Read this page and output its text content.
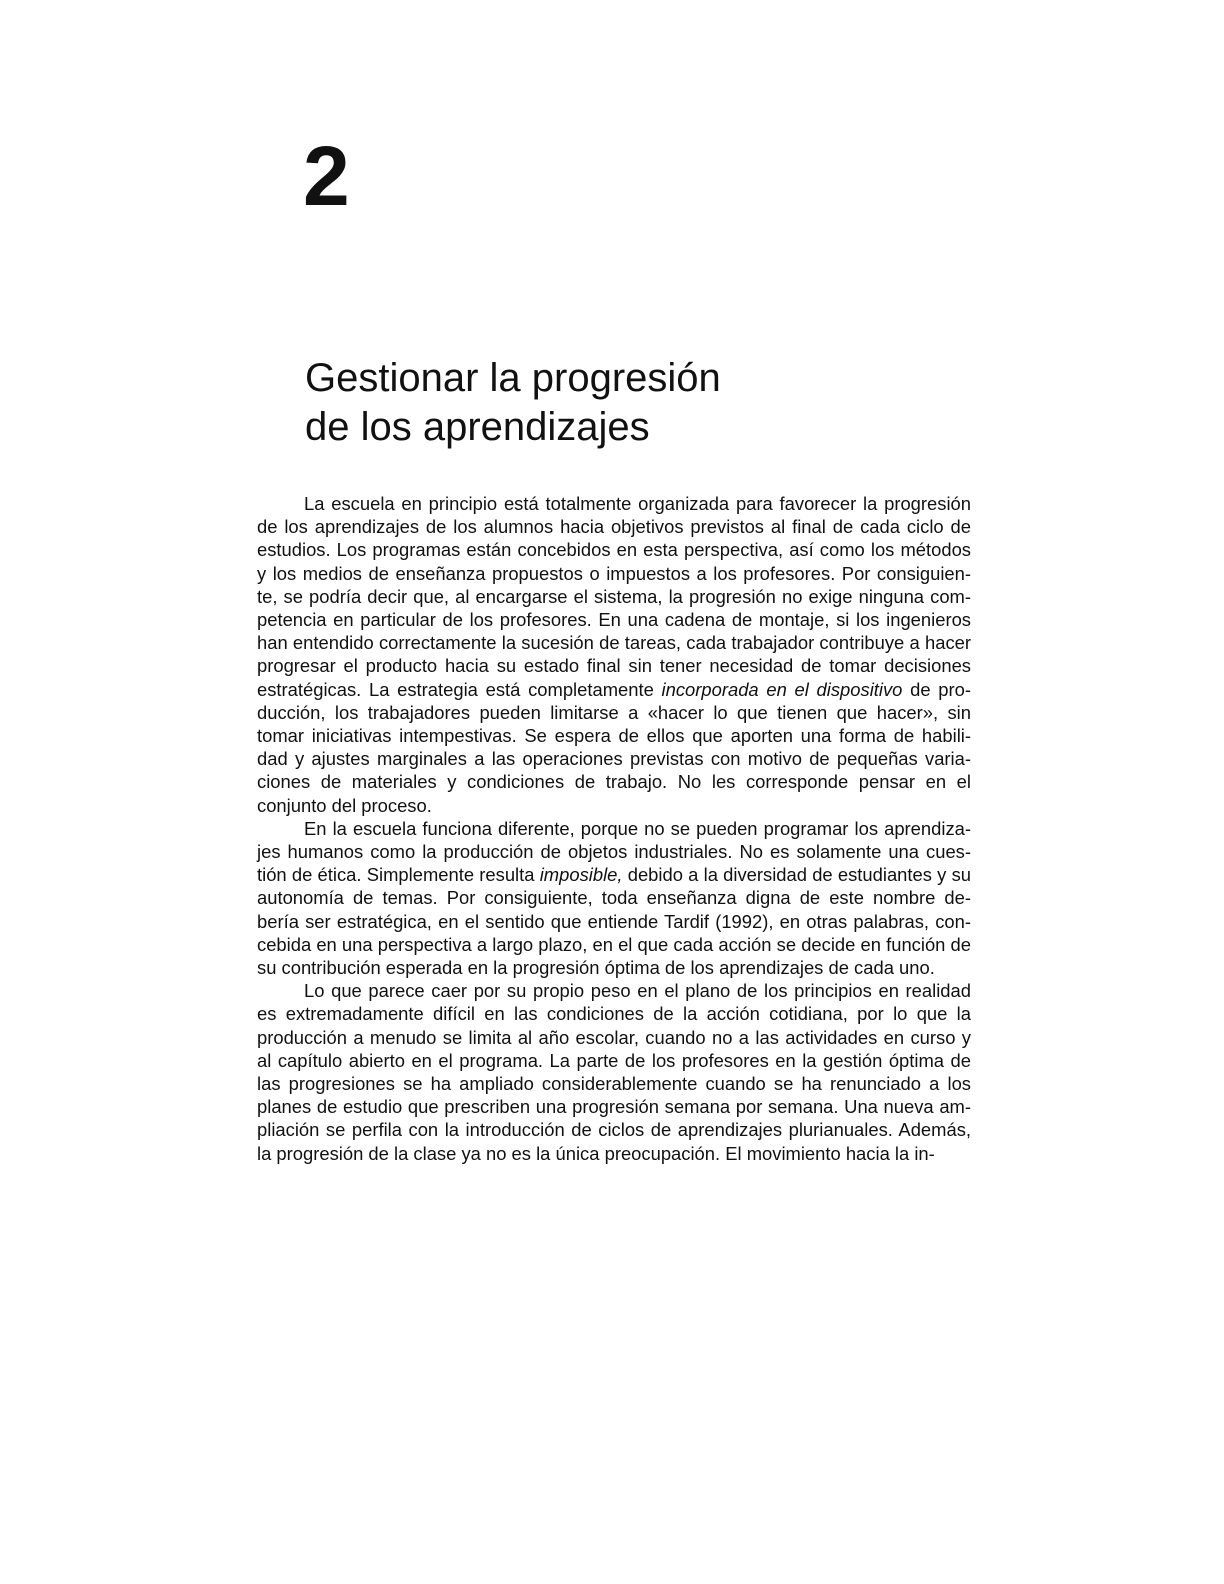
2
Gestionar la progresión
de los aprendizajes

La escuela en principio está totalmente organizada para favorecer la progresión de los aprendizajes de los alumnos hacia objetivos previstos al final de cada ciclo de estudios. Los programas están concebidos en esta perspectiva, así como los métodos y los medios de enseñanza propuestos o impuestos a los profesores. Por consiguien- te, se podría decir que, al encargarse el sistema, la progresión no exige ninguna com- petencia en particular de los profesores. En una cadena de montaje, si los ingenieros han entendido correctamente la sucesión de tareas, cada trabajador contribuye a hacer progresar el producto hacia su estado final sin tener necesidad de tomar decisiones estratégicas. La estrategia está completamente incorporada en el dispositivo de pro- ducción, los trabajadores pueden limitarse a «hacer lo que tienen que hacer», sin tomar iniciativas intempestivas. Se espera de ellos que aporten una forma de habili- dad y ajustes marginales a las operaciones previstas con motivo de pequeñas varia- ciones de materiales y condiciones de trabajo. No les corresponde pensar en el conjunto del proceso.

En la escuela funciona diferente, porque no se pueden programar los aprendiza- jes humanos como la producción de objetos industriales. No es solamente una cues- tión de ética. Simplemente resulta imposible, debido a la diversidad de estudiantes y su autonomía de temas. Por consiguiente, toda enseñanza digna de este nombre de- bería ser estratégica, en el sentido que entiende Tardif (1992), en otras palabras, con- cebida en una perspectiva a largo plazo, en el que cada acción se decide en función de su contribución esperada en la progresión óptima de los aprendizajes de cada uno.

Lo que parece caer por su propio peso en el plano de los principios en realidad es extremadamente difícil en las condiciones de la acción cotidiana, por lo que la producción a menudo se limita al año escolar, cuando no a las actividades en curso y al capítulo abierto en el programa. La parte de los profesores en la gestión óptima de las progresiones se ha ampliado considerablemente cuando se ha renunciado a los planes de estudio que prescriben una progresión semana por semana. Una nueva am- pliación se perfila con la introducción de ciclos de aprendizajes plurianuales. Además, la progresión de la clase ya no es la única preocupación. El movimiento hacia la in-
